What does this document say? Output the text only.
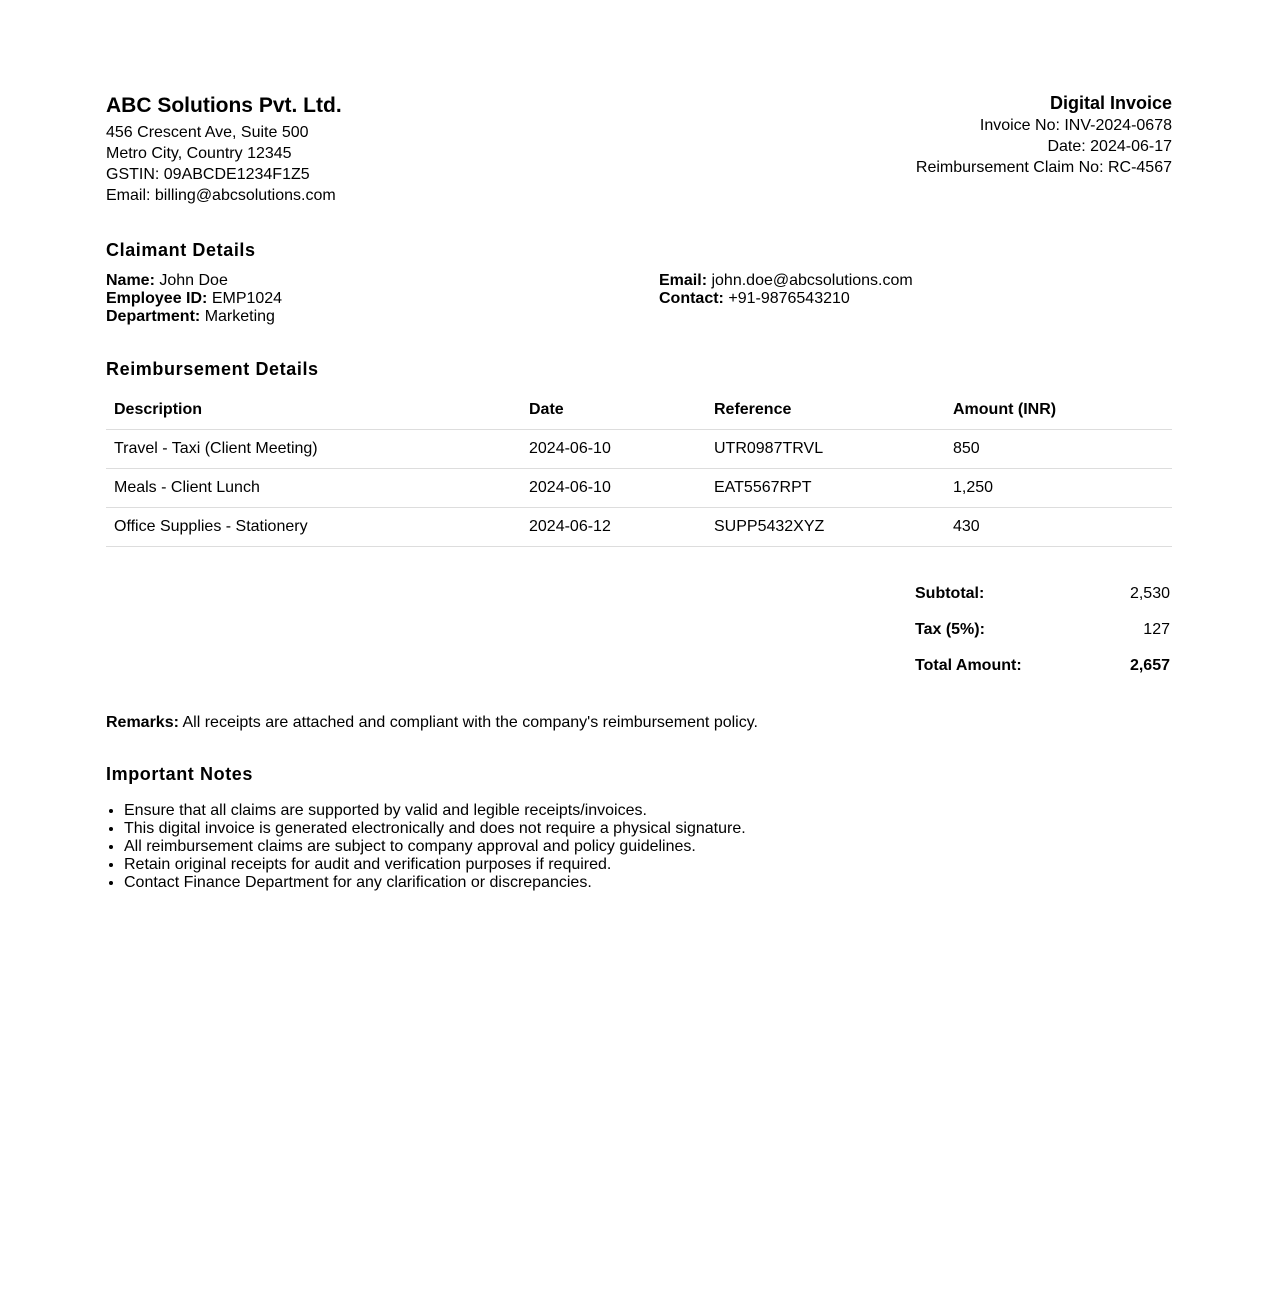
ABC Solutions Pvt. Ltd.
456 Crescent Ave, Suite 500
Metro City, Country 12345
GSTIN: 09ABCDE1234F1Z5
Email: billing@abcsolutions.com
Digital Invoice
Invoice No: INV-2024-0678
Date: 2024-06-17
Reimbursement Claim No: RC-4567
Claimant Details
Name: John Doe
Employee ID: EMP1024
Department: Marketing
Email: john.doe@abcsolutions.com
Contact: +91-9876543210
Reimbursement Details
Description	Date	Reference	Amount (INR)
Travel - Taxi (Client Meeting)	2024-06-10	UTR0987TRVL	850
Meals - Client Lunch	2024-06-10	EAT5567RPT	1,250
Office Supplies - Stationery	2024-06-12	SUPP5432XYZ	430
Subtotal:	2,530
Tax (5%):	127
Total Amount:	2,657
Remarks: All receipts are attached and compliant with the company's reimbursement policy.
Important Notes
• Ensure that all claims are supported by valid and legible receipts/invoices.
• This digital invoice is generated electronically and does not require a physical signature.
• All reimbursement claims are subject to company approval and policy guidelines.
• Retain original receipts for audit and verification purposes if required.
• Contact Finance Department for any clarification or discrepancies.
